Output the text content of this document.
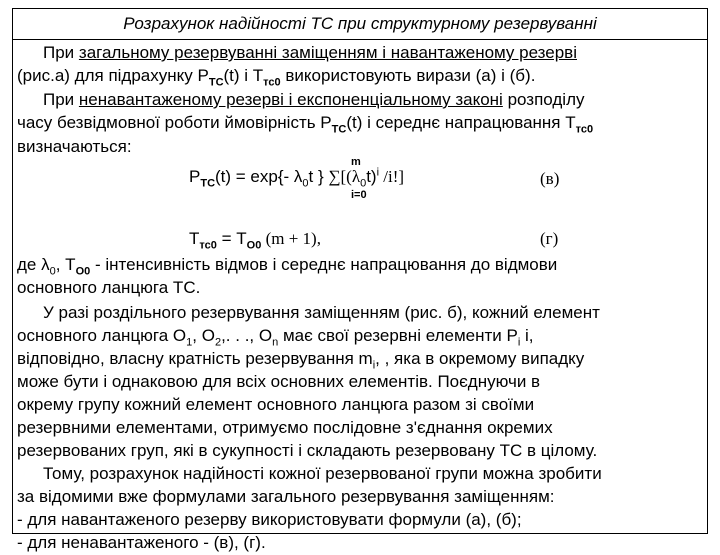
Розрахунок надійності ТС при структурному резервуванні
При загальному резервуванні заміщенням і навантаженому резерві
(рис.а) для підрахунку $Р_{ТС}(t)$ і $Т_{тс0}$ використовують вирази (а) і (б).
При ненавантаженому резерві і експоненціальному законі розподілу
часу безвідмовної роботи ймовірність $Р_{ТС}(t)$ і середнє напрацювання $Т_{тс0}$
визначаються:
m
$Р_{ТС}(t) = \exp\{-$ $\lambda_0t$ } $\sum[(\lambda_0t)^і$ /і!]	(в)
і=0
$Т_{тс0} = Т_{О0}$ (m + 1),	(г)
де $\lambda_0$, $Т_{О0}$ - інтенсивність відмов і середнє напрацювання до відмови
основного ланцюга ТС.
У разі роздільного резервування заміщенням (рис. б), кожний елемент
основного ланцюга $О_1$, $О_2$,. . ., $О_n$ має свої резервні елементи $Р_і$ і,
відповідно, власну кратність резервування $m_і$, , яка в окремому випадку
може бути і однаковою для всіх основних елементів. Поєднуючи в
окрему групу кожний елемент основного ланцюга разом зі своїми
резервними елементами, отримуємо послідовне з'єднання окремих
резервованих груп, які в сукупності і складають резервовану ТС в цілому.
Тому, розрахунок надійності кожної резервованої групи можна зробити
за відомими вже формулами загального резервування заміщенням:
- для навантаженого резерву використовувати формули (а), (б);
- для ненавантаженого - (в), (г).
